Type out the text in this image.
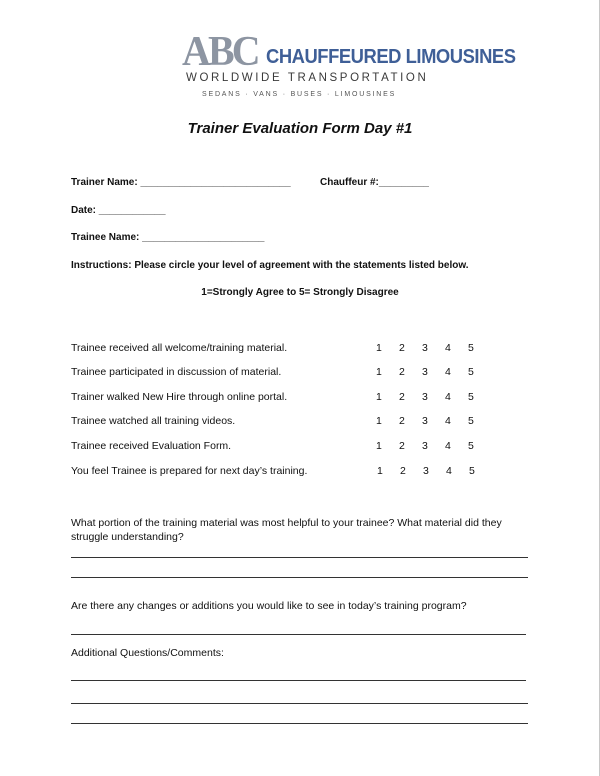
ABC CHAUFFEURED LIMOUSINES
WORLDWIDE TRANSPORTATION
SEDANS · VANS · BUSES · LIMOUSINES
Trainer Evaluation Form Day #1
Trainer Name: ___________________________	Chauffeur #:_________
Date: ____________
Trainee Name: ______________________
Instructions: Please circle your level of agreement with the statements listed below.
1=Strongly Agree to 5= Strongly Disagree
Trainee received all welcome/training material.	1 2 3 4 5
Trainee participated in discussion of material.	1 2 3 4 5
Trainer walked New Hire through online portal.	1 2 3 4 5
Trainee watched all training videos.	1 2 3 4 5
Trainee received Evaluation Form.	1 2 3 4 5
You feel Trainee is prepared for next day’s training.	1 2 3 4 5
What portion of the training material was most helpful to your trainee? What material did they struggle understanding?
Are there any changes or additions you would like to see in today’s training program?
Additional Questions/Comments:
